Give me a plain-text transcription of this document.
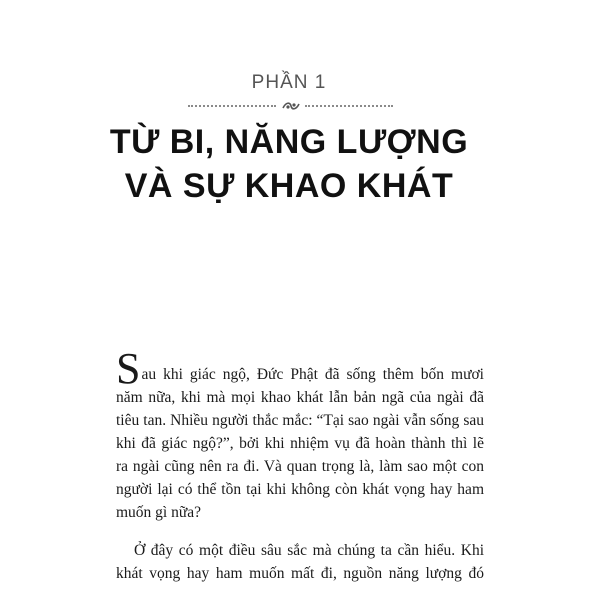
PHẦN 1
TỪ BI, NĂNG LƯỢNG
VÀ SỰ KHAO KHÁT
Sau khi giác ngộ, Đức Phật đã sống thêm bốn mươi
năm nữa, khi mà mọi khao khát lẫn bản ngã của ngài đã
tiêu tan. Nhiều người thắc mắc: “Tại sao ngài vẫn sống sau
khi đã giác ngộ?”, bởi khi nhiệm vụ đã hoàn thành thì lẽ
ra ngài cũng nên ra đi. Và quan trọng là, làm sao một con
người lại có thể tồn tại khi không còn khát vọng hay ham
muốn gì nữa?
Ở đây có một điều sâu sắc mà chúng ta cần hiểu. Khi
khát vọng hay ham muốn mất đi, nguồn năng lượng đó
